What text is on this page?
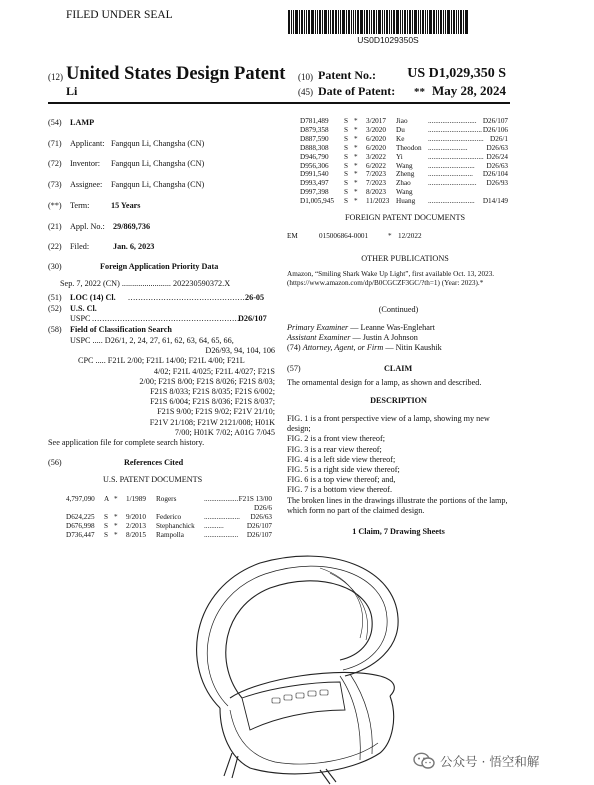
FILED UNDER SEAL
US0D1029350S
(12) United States Design Patent
Li
(10) Patent No.:	US D1,029,350 S
(45) Date of Patent: ** May 28, 2024
(54) LAMP
(71) Applicant: Fangqun Li, Changsha (CN)
(72) Inventor: Fangqun Li, Changsha (CN)
(73) Assignee: Fangqun Li, Changsha (CN)
(**) Term:	15 Years
(21) Appl. No.: 29/869,736
(22) Filed:	Jan. 6, 2023
(30)	Foreign Application Priority Data
Sep. 7, 2022 (CN) ........................ 202230590372.X
(51) LOC (14) Cl. .............................................. 26-05
(52) U.S. Cl.
USPC ..........................................................
D26/107
(58) Field of Classification Search
USPC ..... D26/1, 2, 24, 27, 61, 62, 63, 64, 65, 66,
D26/93, 94, 104, 106
CPC ..... F21L 2/00; F21L 14/00; F21L 4/00; F21L
4/02; F21L 4/025; F21L 4/027; F21S
2/00; F21S 8/00; F21S 8/026; F21S 8/03;
F21S 8/033; F21S 8/035; F21S 6/002;
F21S 6/004; F21S 8/036; F21S 8/037;
F21S 9/00; F21S 9/02; F21V 21/10;
F21V 21/108; F21W 2121/008; H01K
7/00; H01K 7/02; A01G 7/045
See application file for complete search history.
(56)	References Cited
U.S. PATENT DOCUMENTS
4,797,090	A	*	1/1989	Rogers	...................	F21S 13/00
						D26/6
D624,225	S	*	9/2010	Federico	....................	D26/63
D676,998	S	*	2/2013	Stephanchick	...........	D26/107
D736,447	S	*	8/2015	Rampolla	...................	D26/107
D781,489	S	*	3/2017	Jiao	...........................	D26/107
D879,358	S	*	3/2020	Du	..............................	D26/106
D887,590	S	*	6/2020	Ke	...............................	D26/1
D888,308	S	*	6/2020	Theodon	......................	D26/63
D946,790	S	*	3/2022	Yi	...............................	D26/24
D956,306	S	*	6/2022	Wang	..........................	D26/63
D991,540	S	*	7/2023	Zheng	.........................	D26/104
D993,497	S	*	7/2023	Zhao	...........................	D26/93
D997,398	S	*	8/2023	Wang		
D1,005,945	S	*	11/2023	Huang	..........................	D14/149
FOREIGN PATENT DOCUMENTS
EM	015006864-0001	* 12/2022
OTHER PUBLICATIONS
Amazon, “Smiling Shark Wake Up Light”, first available Oct. 13, 2023. (https://www.amazon.com/dp/B0CGCZF3GC/?th=1) (Year: 2023).*
(Continued)
Primary Examiner — Leanne Was-Englehart
Assistant Examiner — Justin A Johnson
(74) Attorney, Agent, or Firm — Nitin Kaushik
(57)	CLAIM
The ornamental design for a lamp, as shown and described.
DESCRIPTION
FIG. 1 is a front perspective view of a lamp, showing my new design;
FIG. 2 is a front view thereof;
FIG. 3 is a rear view thereof;
FIG. 4 is a left side view thereof;
FIG. 5 is a right side view thereof;
FIG. 6 is a top view thereof; and,
FIG. 7 is a bottom view thereof.
The broken lines in the drawings illustrate the portions of the lamp, which form no part of the claimed design.
1 Claim, 7 Drawing Sheets
公众号 · 悟空和解
